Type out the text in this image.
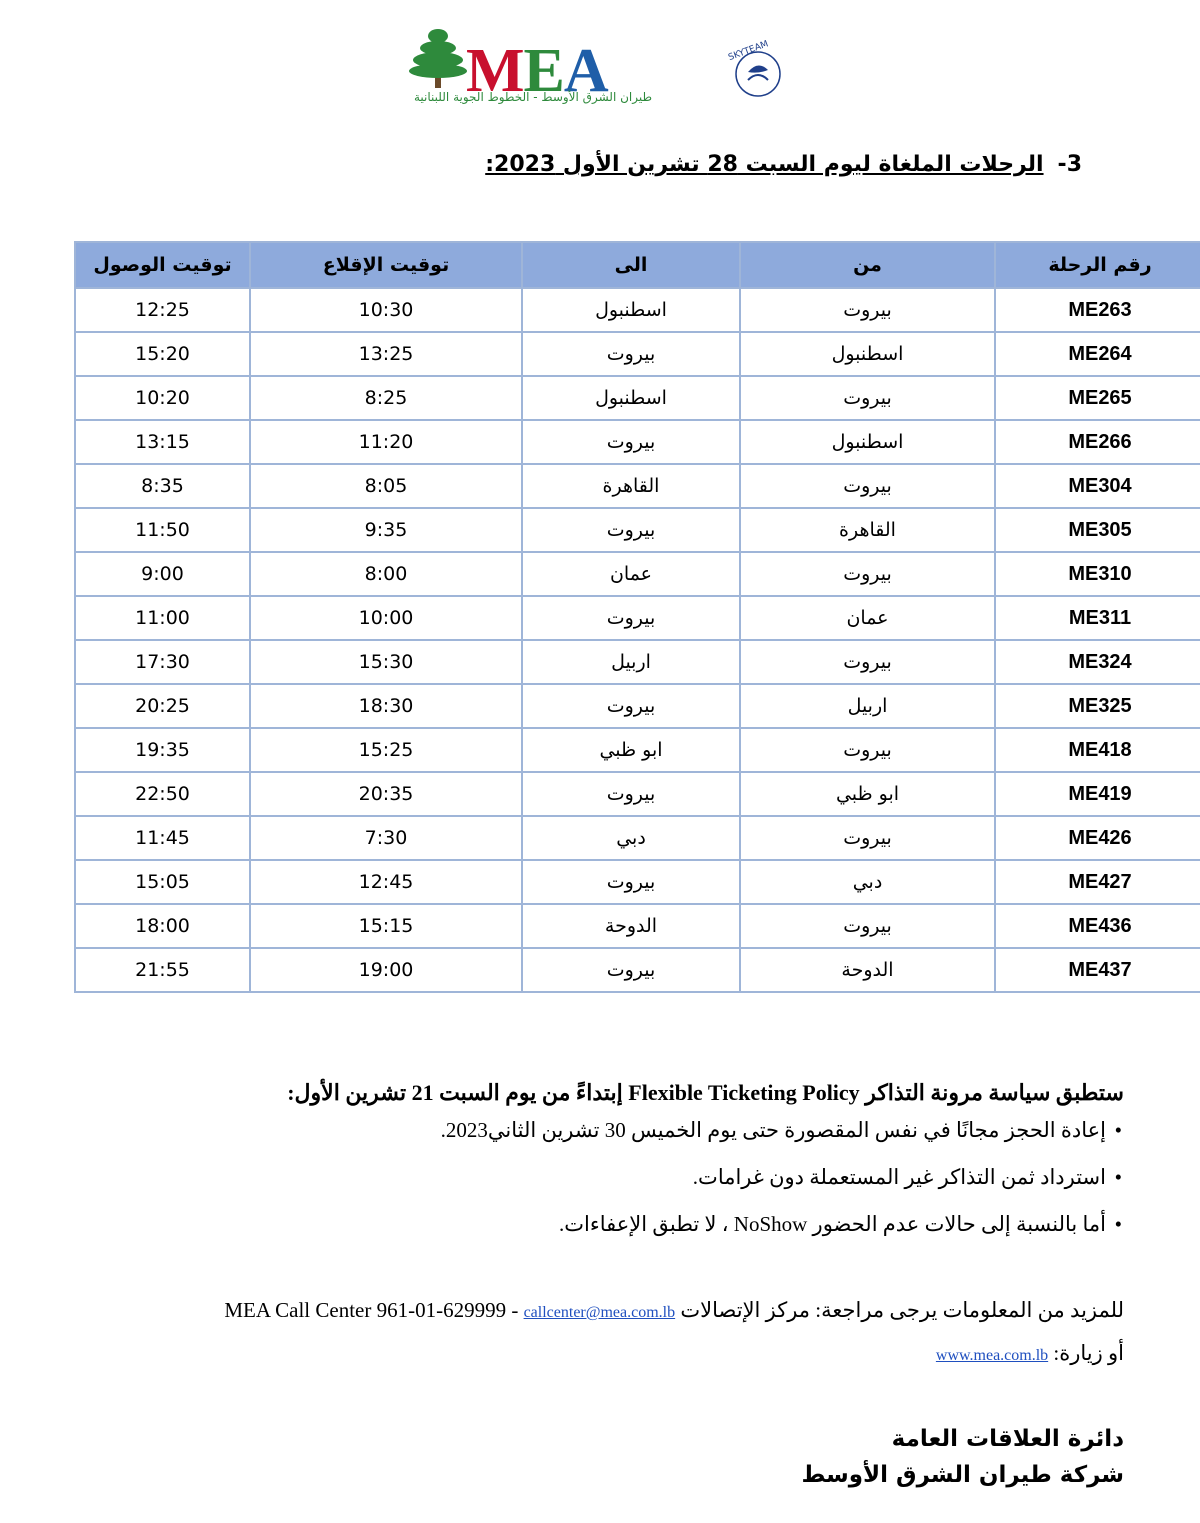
MEA
طيران الشرق الأوسط - الخطوط الجوية اللبنانية
SKYTEAM
3-الرحلات الملغاة ليوم السبت 28 تشرين الأول 2023:
رقم الرحلة	من	الى	توقيت الإقلاع	توقيت الوصول
ME263	بيروت	اسطنبول	10:30	12:25
ME264	اسطنبول	بيروت	13:25	15:20
ME265	بيروت	اسطنبول	8:25	10:20
ME266	اسطنبول	بيروت	11:20	13:15
ME304	بيروت	القاهرة	8:05	8:35
ME305	القاهرة	بيروت	9:35	11:50
ME310	بيروت	عمان	8:00	9:00
ME311	عمان	بيروت	10:00	11:00
ME324	بيروت	اربيل	15:30	17:30
ME325	اربيل	بيروت	18:30	20:25
ME418	بيروت	ابو ظبي	15:25	19:35
ME419	ابو ظبي	بيروت	20:35	22:50
ME426	بيروت	دبي	7:30	11:45
ME427	دبي	بيروت	12:45	15:05
ME436	بيروت	الدوحة	15:15	18:00
ME437	الدوحة	بيروت	19:00	21:55

ستطبق سياسة مرونة التذاكر Flexible Ticketing Policy إبتداءً من يوم السبت 21 تشرين الأول:

• إعادة الحجز مجانًا في نفس المقصورة حتى يوم الخميس 30 تشرين الثاني2023.
• استرداد ثمن التذاكر غير المستعملة دون غرامات.
• أما بالنسبة إلى حالات عدم الحضور NoShow ، لا تطبق الإعفاءات.
للمزيد من المعلومات يرجى مراجعة: مركز الإتصالات MEA Call Center 961-01-629999 - callcenter@mea.com.lb
أو زيارة: www.mea.com.lb
دائرة العلاقات العامة
شركة طيران الشرق الأوسط
